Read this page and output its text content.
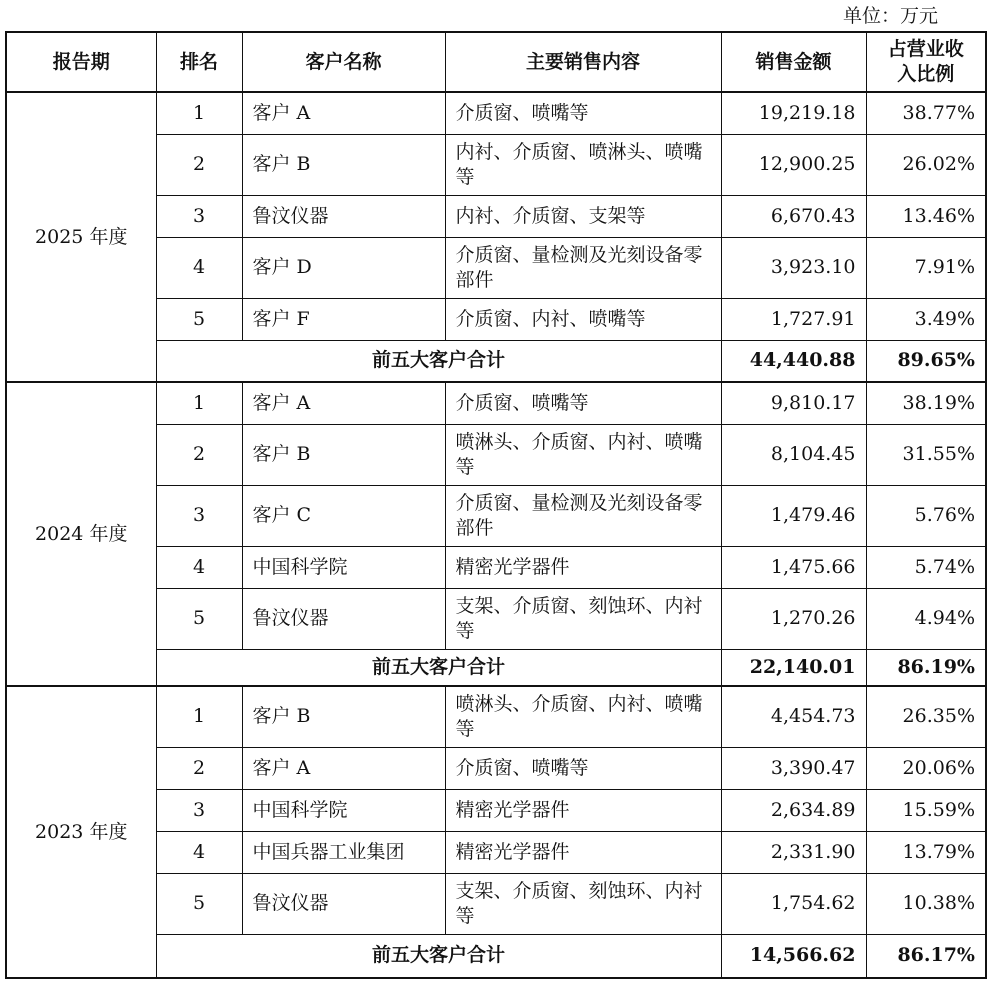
单位：万元
报告期	排名	客户名称	主要销售内容	销售金额	占营业收入比例
2025 年度	1	客户 A	介质窗、喷嘴等	19,219.18	38.77%
	2	客户 B	内衬、介质窗、喷淋头、喷嘴等	12,900.25	26.02%
	3	鲁汶仪器	内衬、介质窗、支架等	6,670.43	13.46%
	4	客户 D	介质窗、量检测及光刻设备零部件	3,923.10	7.91%
	5	客户 F	介质窗、内衬、喷嘴等	1,727.91	3.49%
	前五大客户合计			44,440.88	89.65%
2024 年度	1	客户 A	介质窗、喷嘴等	9,810.17	38.19%
	2	客户 B	喷淋头、介质窗、内衬、喷嘴等	8,104.45	31.55%
	3	客户 C	介质窗、量检测及光刻设备零部件	1,479.46	5.76%
	4	中国科学院	精密光学器件	1,475.66	5.74%
	5	鲁汶仪器	支架、介质窗、刻蚀环、内衬等	1,270.26	4.94%
	前五大客户合计			22,140.01	86.19%
2023 年度	1	客户 B	喷淋头、介质窗、内衬、喷嘴等	4,454.73	26.35%
	2	客户 A	介质窗、喷嘴等	3,390.47	20.06%
	3	中国科学院	精密光学器件	2,634.89	15.59%
	4	中国兵器工业集团	精密光学器件	2,331.90	13.79%
	5	鲁汶仪器	支架、介质窗、刻蚀环、内衬等	1,754.62	10.38%
	前五大客户合计			14,566.62	86.17%
